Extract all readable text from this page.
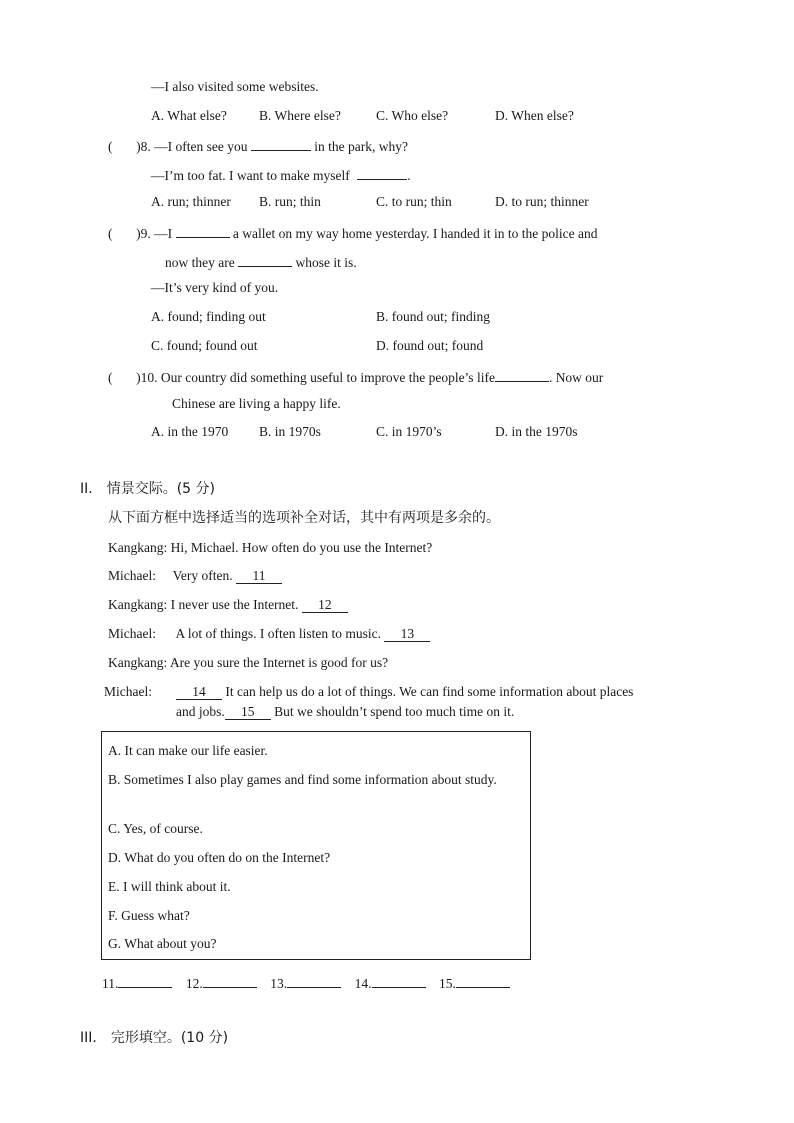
—I also visited some websites.
A. What else? B. Where else?	C. Who else?	D. When else?
(       )8. —I often see you	in the park, why?
—I’m too fat. I want to make myself	.
A. run; thinner B. run; thin	C. to run; thin	D. to run; thinner
(       )9. —I	a wallet on my way home yesterday. I handed it in to the police and
now they are	whose it is.
—It’s very kind of you.
A. found; finding out	B. found out; finding
C. found; found out	D. found out; found
(       )10. Our country did something useful to improve the people’s life	. Now our
Chinese are living a happy life.
A. in the 1970 B. in 1970s	C. in 1970’s	D. in the 1970s
II． 情景交际。(5 分)
从下面方框中选择适当的选项补全对话，其中有两项是多余的。
Kangkang: Hi, Michael. How often do you use the Internet?
Michael: Very often. 11
Kangkang: I never use the Internet. 12
Michael: A lot of things. I often listen to music. 13
Kangkang: Are you sure the Internet is good for us?
Michael:	14 It can help us do a lot of things. We can find some information about places
and jobs. 15 But we shouldn’t spend too much time on it.
A. It can make our life easier.
B. Sometimes I also play games and find some information about study.
C. Yes, of course.
D. What do you often do on the Internet?
E. I will think about it.
F. Guess what?
G. What about you?
11.	12.	13.	14.	15.
III． 完形填空。(10 分)
